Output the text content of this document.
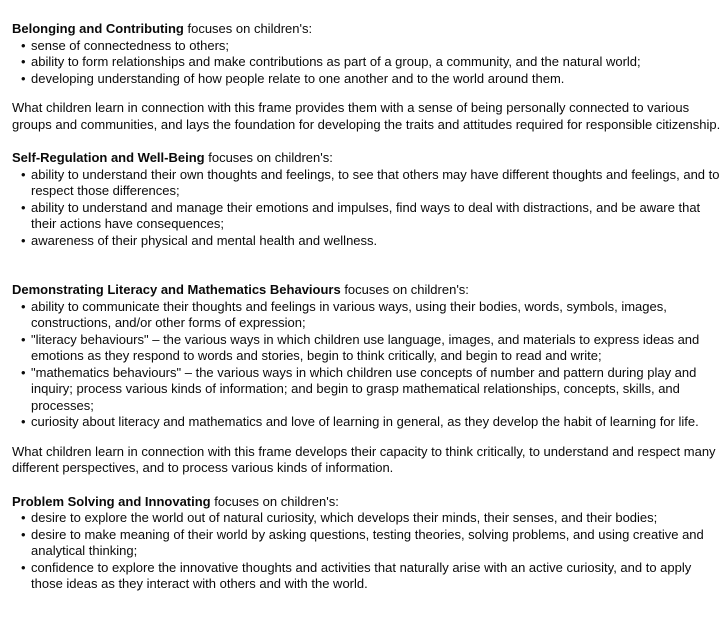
Belonging and Contributing focuses on children's:

• sense of connectedness to others;
• ability to form relationships and make contributions as part of a group, a community, and the natural world;
• developing understanding of how people relate to one another and to the world around them.

What children learn in connection with this frame provides them with a sense of being personally connected to various groups and communities, and lays the foundation for developing the traits and attitudes required for responsible citizenship.

Self-Regulation and Well-Being focuses on children's:

• ability to understand their own thoughts and feelings, to see that others may have different thoughts and feelings, and to respect those differences;
• ability to understand and manage their emotions and impulses, find ways to deal with distractions, and be aware that their actions have consequences;
• awareness of their physical and mental health and wellness.

Demonstrating Literacy and Mathematics Behaviours focuses on children's:

• ability to communicate their thoughts and feelings in various ways, using their bodies, words, symbols, images, constructions, and/or other forms of expression;
• "literacy behaviours" – the various ways in which children use language, images, and materials to express ideas and emotions as they respond to words and stories, begin to think critically, and begin to read and write;
• "mathematics behaviours" – the various ways in which children use concepts of number and pattern during play and inquiry; process various kinds of information; and begin to grasp mathematical relationships, concepts, skills, and processes;
• curiosity about literacy and mathematics and love of learning in general, as they develop the habit of learning for life.

What children learn in connection with this frame develops their capacity to think critically, to understand and respect many different perspectives, and to process various kinds of information.

Problem Solving and Innovating focuses on children's:

• desire to explore the world out of natural curiosity, which develops their minds, their senses, and their bodies;
• desire to make meaning of their world by asking questions, testing theories, solving problems, and using creative and analytical thinking;
• confidence to explore the innovative thoughts and activities that naturally arise with an active curiosity, and to apply those ideas as they interact with others and with the world.
